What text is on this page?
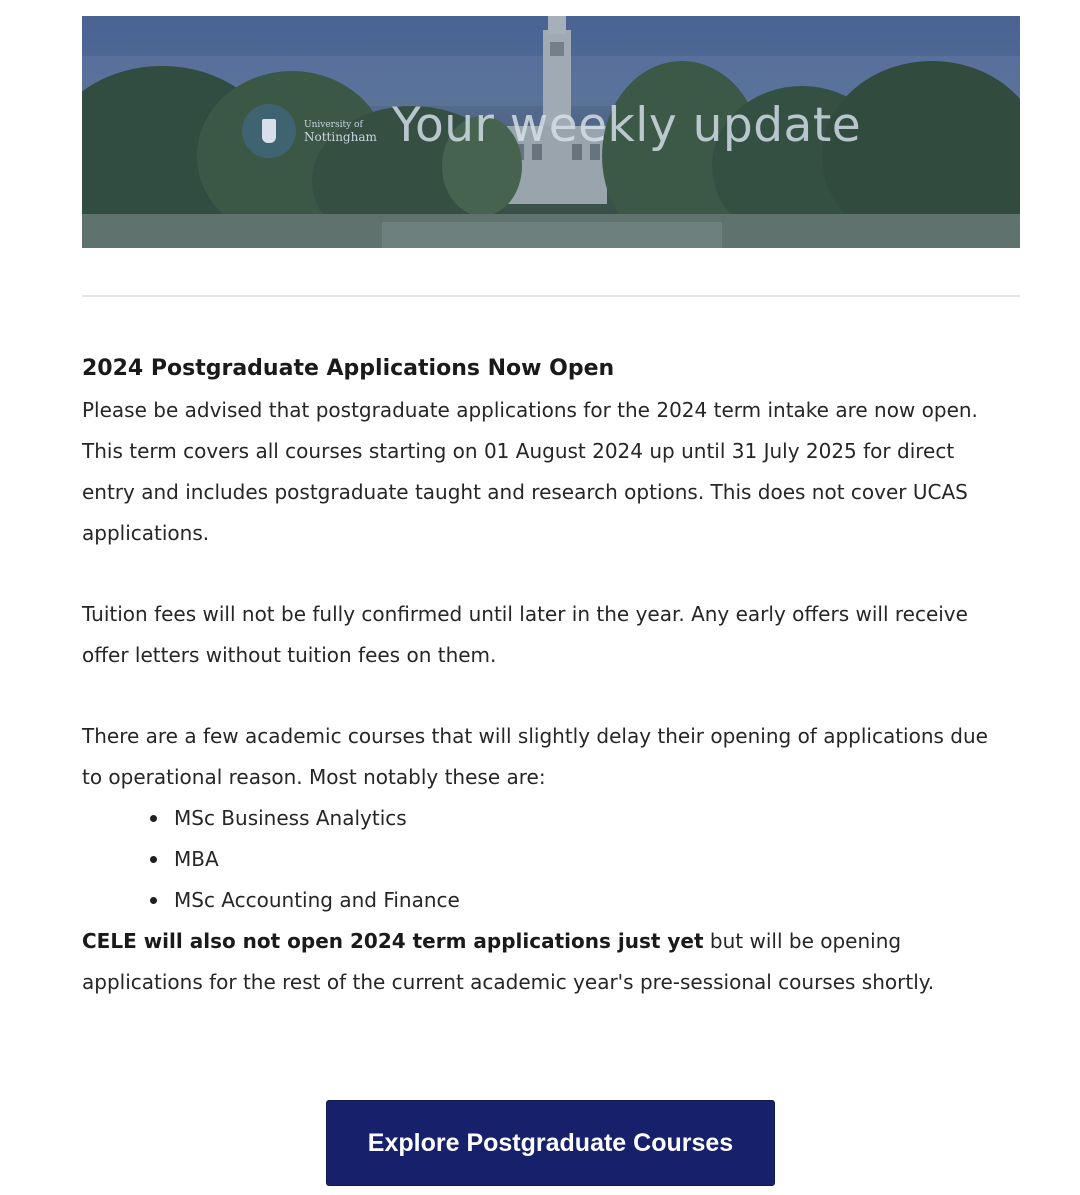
University of
Nottingham Your weekly update
2024 Postgraduate Applications Now Open

Please be advised that postgraduate applications for the 2024 term intake are now open. This term covers all courses starting on 01 August 2024 up until 31 July 2025 for direct entry and includes postgraduate taught and research options. This does not cover UCAS applications.

Tuition fees will not be fully confirmed until later in the year. Any early offers will receive offer letters without tuition fees on them.

There are a few academic courses that will slightly delay their opening of applications due to operational reason. Most notably these are:

MSc Business Analytics
MBA
MSc Accounting and Finance

CELE will also not open 2024 term applications just yet but will be opening applications for the rest of the current academic year's pre-sessional courses shortly.

Explore Postgraduate Courses
